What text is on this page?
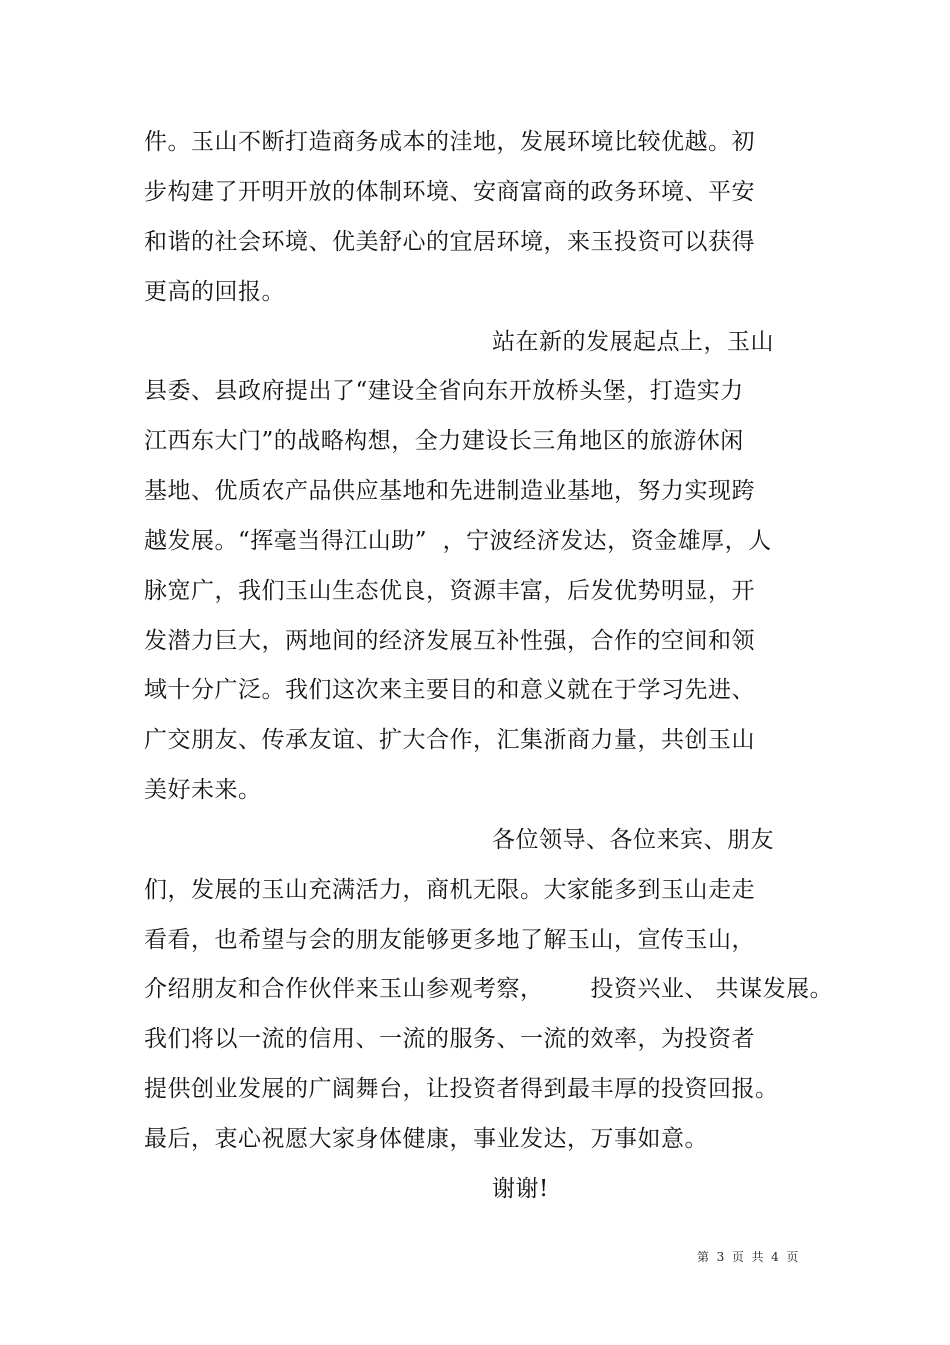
件。玉山不断打造商务成本的洼地，发展环境比较优越。初
步构建了开明开放的体制环境、安商富商的政务环境、平安
和谐的社会环境、优美舒心的宜居环境，来玉投资可以获得
更高的回报。
站在新的发展起点上，玉山
县委、县政府提出了“建设全省向东开放桥头堡，打造实力
江西东大门”的战略构想，全力建设长三角地区的旅游休闲
基地、优质农产品供应基地和先进制造业基地，努力实现跨
越发展。“挥毫当得江山助”  ，宁波经济发达，资金雄厚，人
脉宽广，我们玉山生态优良，资源丰富，后发优势明显，开
发潜力巨大，两地间的经济发展互补性强，合作的空间和领
域十分广泛。我们这次来主要目的和意义就在于学习先进、
广交朋友、传承友谊、扩大合作，汇集浙商力量，共创玉山
美好未来。
各位领导、各位来宾、朋友
们，发展的玉山充满活力，商机无限。大家能多到玉山走走
看看，也希望与会的朋友能够更多地了解玉山，宣传玉山，
介绍朋友和合作伙伴来玉山参观考察，      投资兴业、 共谋发展。
我们将以一流的信用、一流的服务、一流的效率，为投资者
提供创业发展的广阔舞台，让投资者得到最丰厚的投资回报。
最后，衷心祝愿大家身体健康，事业发达，万事如意。
谢谢!
第  3  页  共  4  页
